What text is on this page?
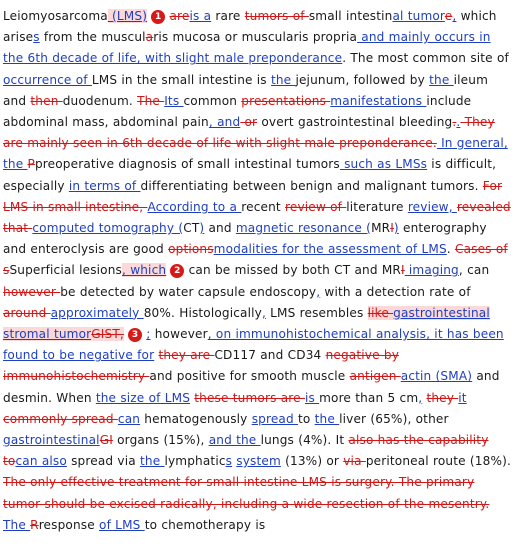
Leiomyosarcoma (LMS) 1 areis a rare tumors of small intestinal tumore, which arises from the muscularis mucosa or muscularis propria and mainly occurs in the 6th decade of life, with slight male preponderance. The most common site of occurrence of LMS in the small intestine is the jejunum, followed by the ileum and then duodenum. The Its common presentations manifestations include abdominal mass, abdominal pain, and or overt gastrointestinal bleeding.. They are mainly seen in 6th decade of life with slight male preponderance. In general, the Ppreoperative diagnosis of small intestinal tumors such as LMSs is difficult, especially in terms of differentiating between benign and malignant tumors. For LMS in small intestine, According to a recent review of literature review, revealed that computed tomography (CT) and magnetic resonance (MRI) enterography and enteroclysis are good optionsmodalities for the assessment of LMS. Cases of sSuperficial lesions, which 2 can be missed by both CT and MRI imaging, can however be detected by water capsule endoscopy, with a detection rate of around approximately 80%. Histologically, LMS resembles like gastrointestinal stromal tumorGIST, 3 ; however, on immunohistochemical analysis, it has been found to be negative for they are CD117 and CD34 negative by immunohistochemistry and positive for smooth muscle antigen actin (SMA) and desmin. When the size of LMS these tumors are is more than 5 cm, they it commonly spread can hematogenously spread to the liver (65%), other gastrointestinalGI organs (15%), and the lungs (4%). It also has the capability tocan also spread via the lymphatics system (13%) or via peritoneal route (18%). The only effective treatment for small intestine LMS is surgery. The primary tumor should be excised radically, including a wide resection of the mesentry. The Rresponse of LMS to chemotherapy is
